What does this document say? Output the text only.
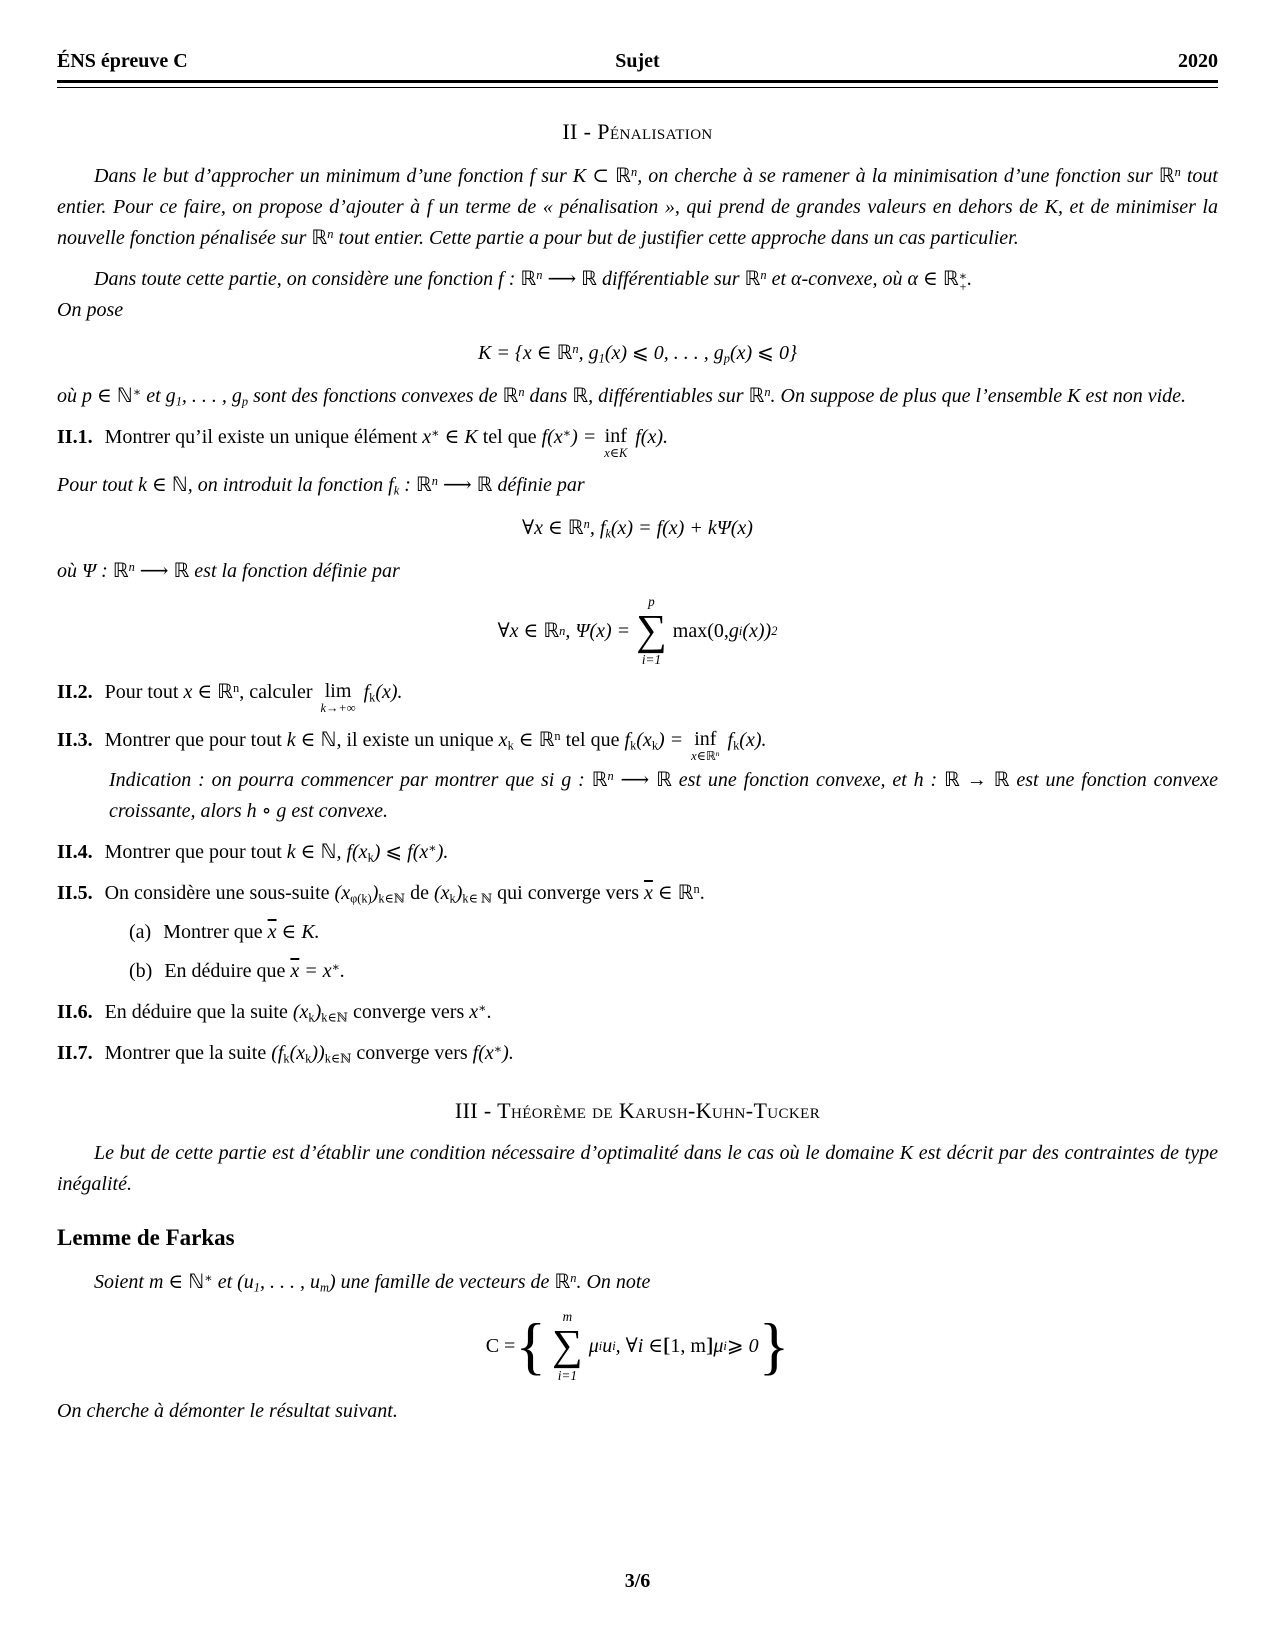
ÉNS épreuve C	Sujet	2020
II - Pénalisation

Dans le but d’approcher un minimum d’une fonction f sur K ⊂ ℝ$^n$, on cherche à se ramener à la minimisation d’une fonction sur ℝ$^n$ tout entier. Pour ce faire, on propose d’ajouter à f un terme de « pénalisation », qui prend de grandes valeurs en dehors de K, et de minimiser la nouvelle fonction pénalisée sur ℝ$^n$ tout entier. Cette partie a pour but de justifier cette approche dans un cas particulier.

Dans toute cette partie, on considère une fonction f : ℝ$^n$ ⟶ ℝ différentiable sur ℝ$^n$ et α-convexe, où α ∈ ℝ ∗
+ .

On pose

K = {x ∈ ℝ$^n$, $g_1(x)$ ⩽ 0, . . . , $g_p(x)$ ⩽ 0}

où p ∈ ℕ∗ et $g_1$, . . . , $g_p$ sont des fonctions convexes de ℝ$^n$ dans ℝ, différentiables sur ℝ$^n$. On suppose de plus que l’ensemble K est non vide.

II.1. Montrer qu’il existe un unique élément x∗ ∈ K tel que f(x∗) = inf
x∈K
f(x).

Pour tout k ∈ ℕ, on introduit la fonction $f_k$ : ℝ$^n$ ⟶ ℝ définie par

∀x ∈ ℝ$^n$, $f_k(x) = f(x) + k\Psi(x)$

où Ψ : ℝ$^n$ ⟶ ℝ est la fonction définie par

∀x ∈ ℝ n , Ψ(x) =
p
∑
i=1
max(0, g i (x)) 2

II.2. Pour tout x ∈ ℝ$^n$, calculer lim
k→+∞
$f_k(x)$.

II.3. Montrer que pour tout k ∈ ℕ, il existe un unique $x_k$ ∈ ℝ$^n$ tel que $f_k(x_k)$ = inf
x∈ℝ$^n$
$f_k(x)$.

Indication : on pourra commencer par montrer que si g : ℝ$^n$ ⟶ ℝ est une fonction convexe, et h : ℝ → ℝ est une fonction convexe croissante, alors h ∘ g est convexe.

II.4. Montrer que pour tout k ∈ ℕ, $f(x_k)$ ⩽ f(x∗).

II.5. On considère une sous-suite $(x_{\varphi(k)})_{k\in ℕ}$ de $(x_k)_{k\in ℕ}$ qui converge vers $\overline{x}$ ∈ ℝ$^n$.

(a) Montrer que $\overline{x}$ ∈ K.

(b) En déduire que $\overline{x} = x^∗$.

II.6. En déduire que la suite $(x_k)_{k\in ℕ}$ converge vers x∗.

II.7. Montrer que la suite $(f_k(x_k))_{k\in ℕ}$ converge vers f(x∗).

III - Théorème de Karush-Kuhn-Tucker

Le but de cette partie est d’établir une condition nécessaire d’optimalité dans le cas où le domaine K est décrit par des contraintes de type inégalité.

Lemme de Farkas

Soient m ∈ ℕ∗ et ($u_1$, . . . , $u_m$) une famille de vecteurs de ℝ$^n$. On note

C = { m
∑
i=1
μ i u i , ∀i ∈ [[ 1, m ]] μ i ⩾ 0 }

On cherche à démonter le résultat suivant.

3/6
